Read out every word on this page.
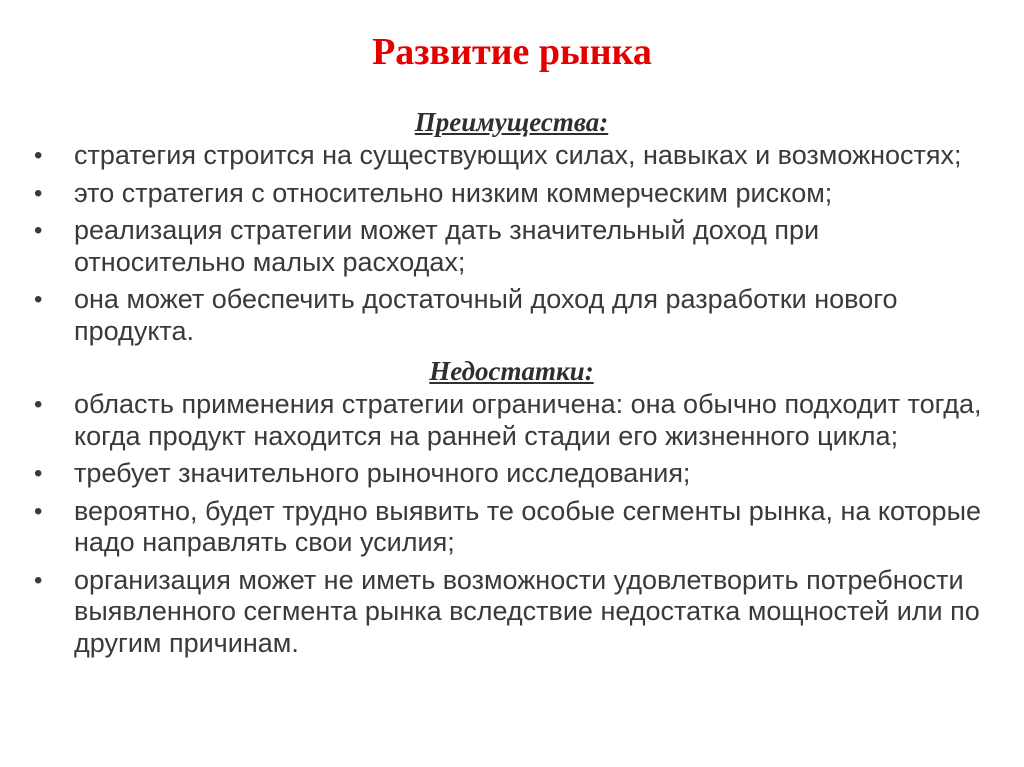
Развитие рынка
Преимущества:
•	стратегия строится на существующих силах, навыках и возможностях;
•	это стратегия с относительно низким коммерческим риском;
•	реализация стратегии может дать значительный доход при относительно малых расходах;
•	она может обеспечить достаточный доход для разработки нового продукта.
Недостатки:
•	область применения стратегии ограничена: она обычно подходит тогда, когда продукт находится на ранней стадии его жизненного цикла;
•	требует значительного рыночного исследования;
•	вероятно, будет трудно выявить те особые сегменты рынка, на которые надо направлять свои усилия;
•	организация может не иметь возможности удовлетворить потребности выявленного сегмента рынка вследствие недостатка мощностей или по другим причинам.
